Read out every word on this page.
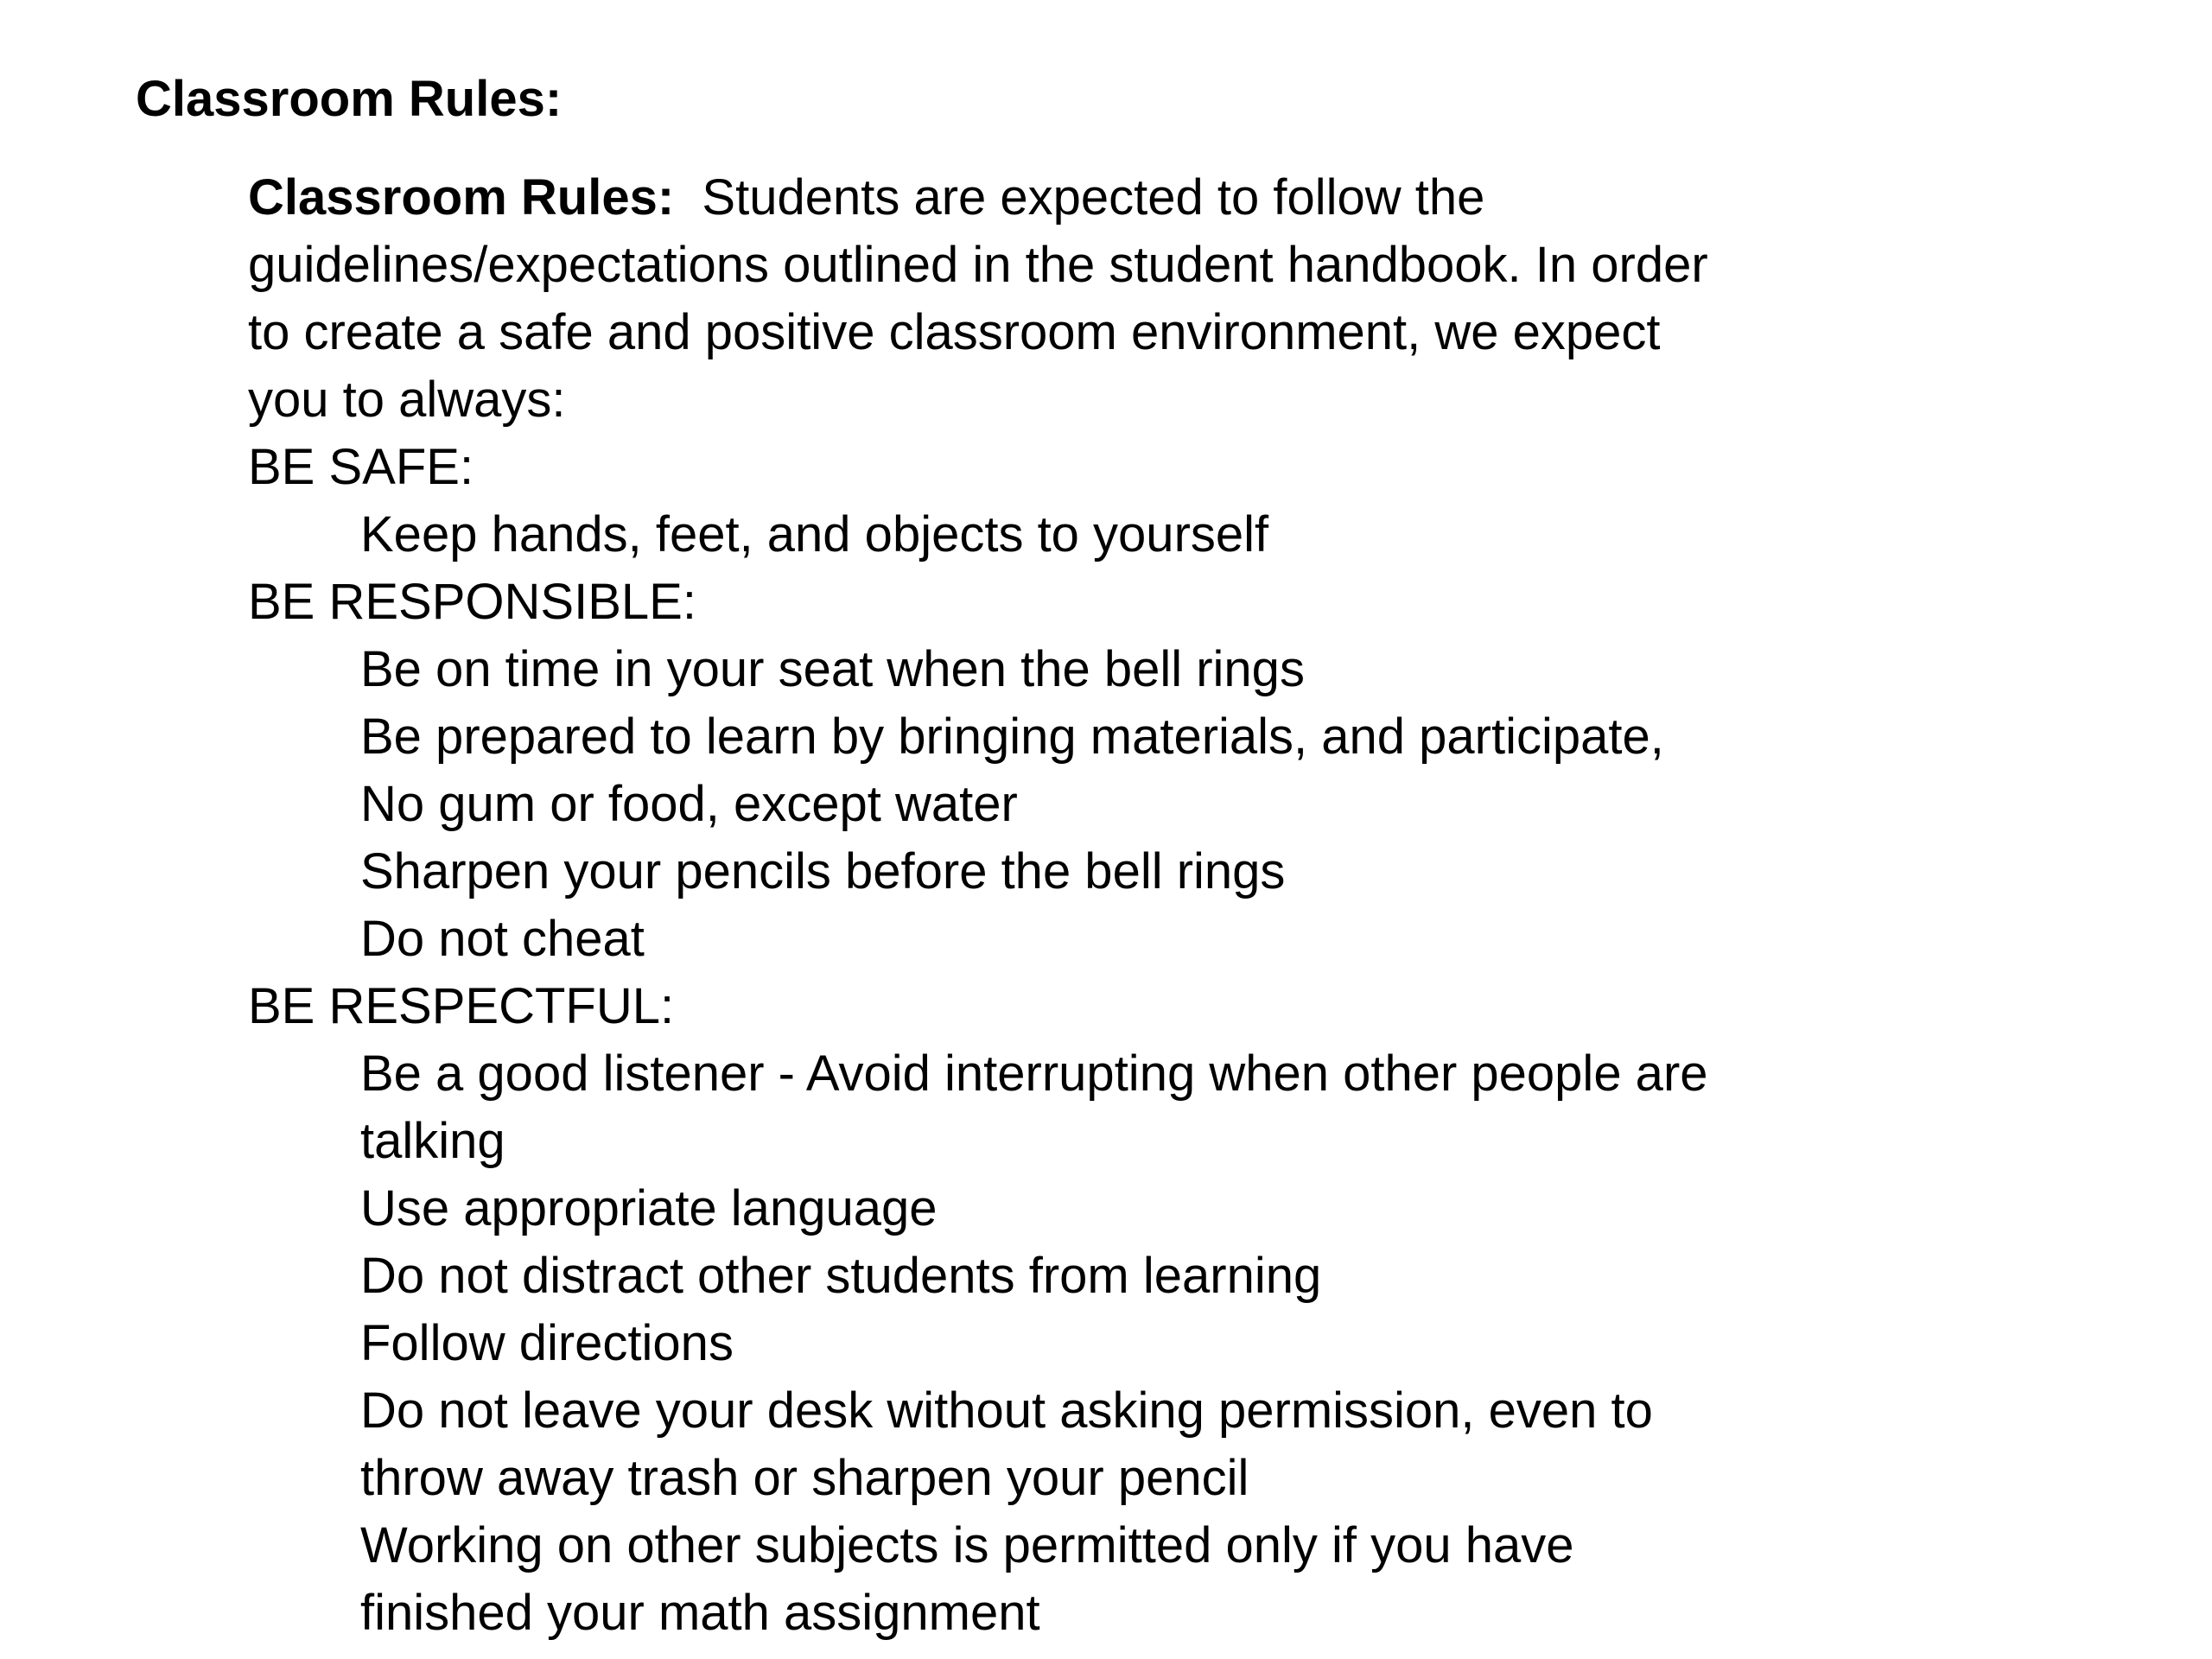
Classroom Rules:
Classroom Rules: Students are expected to follow the
guidelines/expectations outlined in the student handbook. In order
to create a safe and positive classroom environment, we expect
you to always:
BE SAFE:
Keep hands, feet, and objects to yourself
BE RESPONSIBLE:
Be on time in your seat when the bell rings
Be prepared to learn by bringing materials, and participate,
No gum or food, except water
Sharpen your pencils before the bell rings
Do not cheat
BE RESPECTFUL:
Be a good listener - Avoid interrupting when other people are
talking
Use appropriate language
Do not distract other students from learning
Follow directions
Do not leave your desk without asking permission, even to
throw away trash or sharpen your pencil
Working on other subjects is permitted only if you have
finished your math assignment
